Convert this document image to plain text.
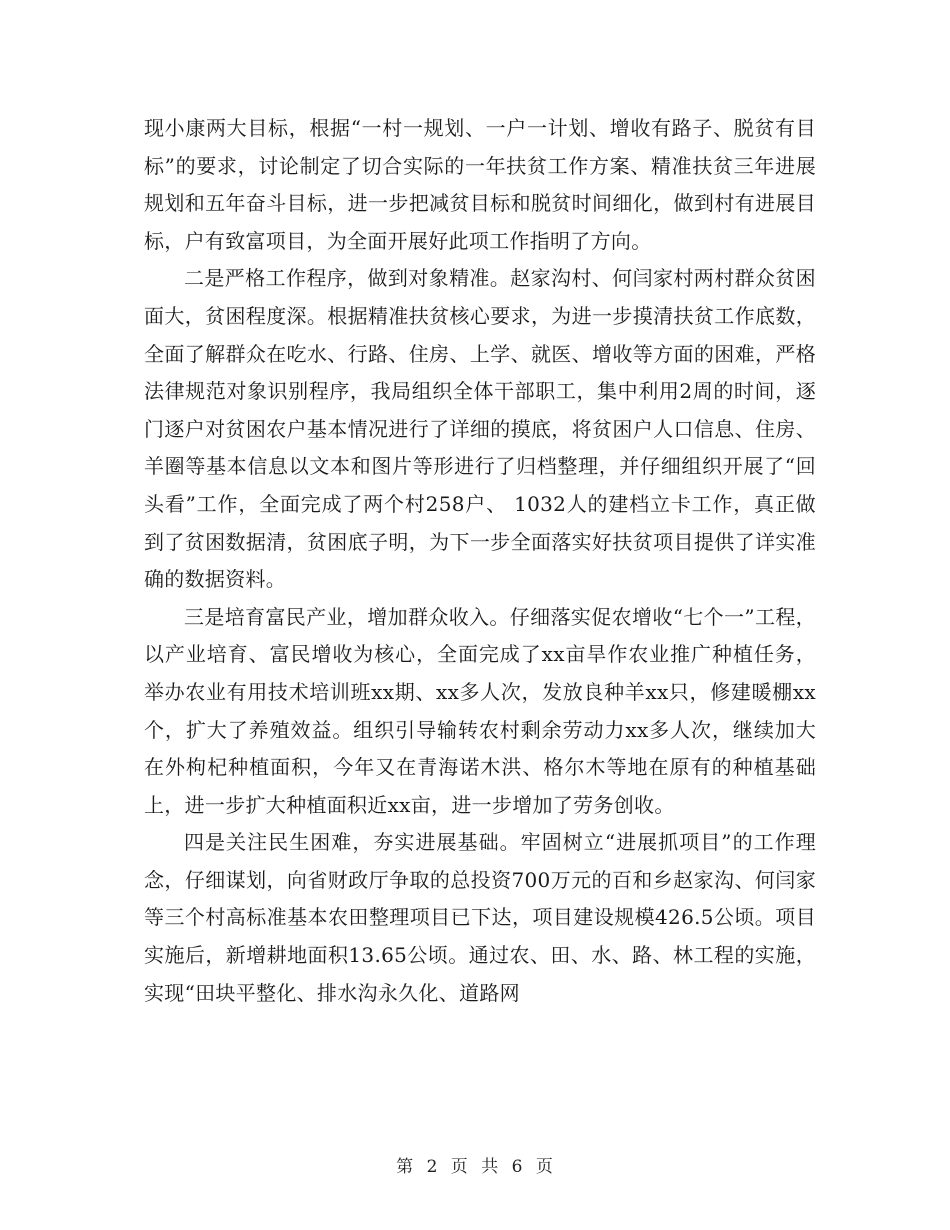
现小康两大目标，根据“一村一规划、一户一计划、增收有路子、脱贫有目标”的要求，讨论制定了切合实际的一年扶贫工作方案、精准扶贫三年进展规划和五年奋斗目标，进一步把减贫目标和脱贫时间细化，做到村有进展目标，户有致富项目，为全面开展好此项工作指明了方向。

二是严格工作程序，做到对象精准。赵家沟村、何闫家村两村群众贫困面大，贫困程度深。根据精准扶贫核心要求，为进一步摸清扶贫工作底数，全面了解群众在吃水、行路、住房、上学、就医、增收等方面的困难，严格法律规范对象识别程序，我局组织全体干部职工，集中利用2周的时间，逐门逐户对贫困农户基本情况进行了详细的摸底，将贫困户人口信息、住房、羊圈等基本信息以文本和图片等形进行了归档整理，并仔细组织开展了“回头看”工作，全面完成了两个村258户、 1032人的建档立卡工作，真正做到了贫困数据清，贫困底子明，为下一步全面落实好扶贫项目提供了详实准确的数据资料。

三是培育富民产业，增加群众收入。仔细落实促农增收“七个一”工程，以产业培育、富民增收为核心，全面完成了xx亩旱作农业推广种植任务，举办农业有用技术培训班xx期、xx多人次，发放良种羊xx只，修建暖棚xx个，扩大了养殖效益。组织引导输转农村剩余劳动力xx多人次，继续加大在外枸杞种植面积，今年又在青海诺木洪、格尔木等地在原有的种植基础上，进一步扩大种植面积近xx亩，进一步增加了劳务创收。

四是关注民生困难，夯实进展基础。牢固树立“进展抓项目”的工作理念，仔细谋划，向省财政厅争取的总投资700万元的百和乡赵家沟、何闫家等三个村高标准基本农田整理项目已下达，项目建设规模426.5公顷。项目实施后，新增耕地面积13.65公顷。通过农、田、水、路、林工程的实施，实现“田块平整化、排水沟永久化、道路网

第 2 页 共 6 页
